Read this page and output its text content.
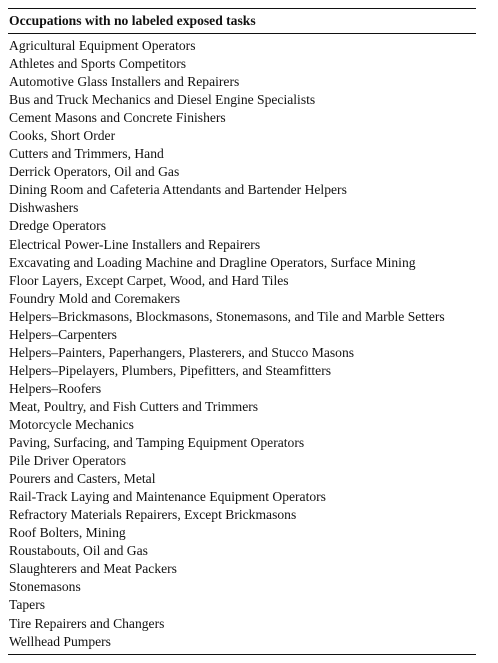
Occupations with no labeled exposed tasks
Agricultural Equipment Operators
Athletes and Sports Competitors
Automotive Glass Installers and Repairers
Bus and Truck Mechanics and Diesel Engine Specialists
Cement Masons and Concrete Finishers
Cooks, Short Order
Cutters and Trimmers, Hand
Derrick Operators, Oil and Gas
Dining Room and Cafeteria Attendants and Bartender Helpers
Dishwashers
Dredge Operators
Electrical Power-Line Installers and Repairers
Excavating and Loading Machine and Dragline Operators, Surface Mining
Floor Layers, Except Carpet, Wood, and Hard Tiles
Foundry Mold and Coremakers
Helpers–Brickmasons, Blockmasons, Stonemasons, and Tile and Marble Setters
Helpers–Carpenters
Helpers–Painters, Paperhangers, Plasterers, and Stucco Masons
Helpers–Pipelayers, Plumbers, Pipefitters, and Steamfitters
Helpers–Roofers
Meat, Poultry, and Fish Cutters and Trimmers
Motorcycle Mechanics
Paving, Surfacing, and Tamping Equipment Operators
Pile Driver Operators
Pourers and Casters, Metal
Rail-Track Laying and Maintenance Equipment Operators
Refractory Materials Repairers, Except Brickmasons
Roof Bolters, Mining
Roustabouts, Oil and Gas
Slaughterers and Meat Packers
Stonemasons
Tapers
Tire Repairers and Changers
Wellhead Pumpers
